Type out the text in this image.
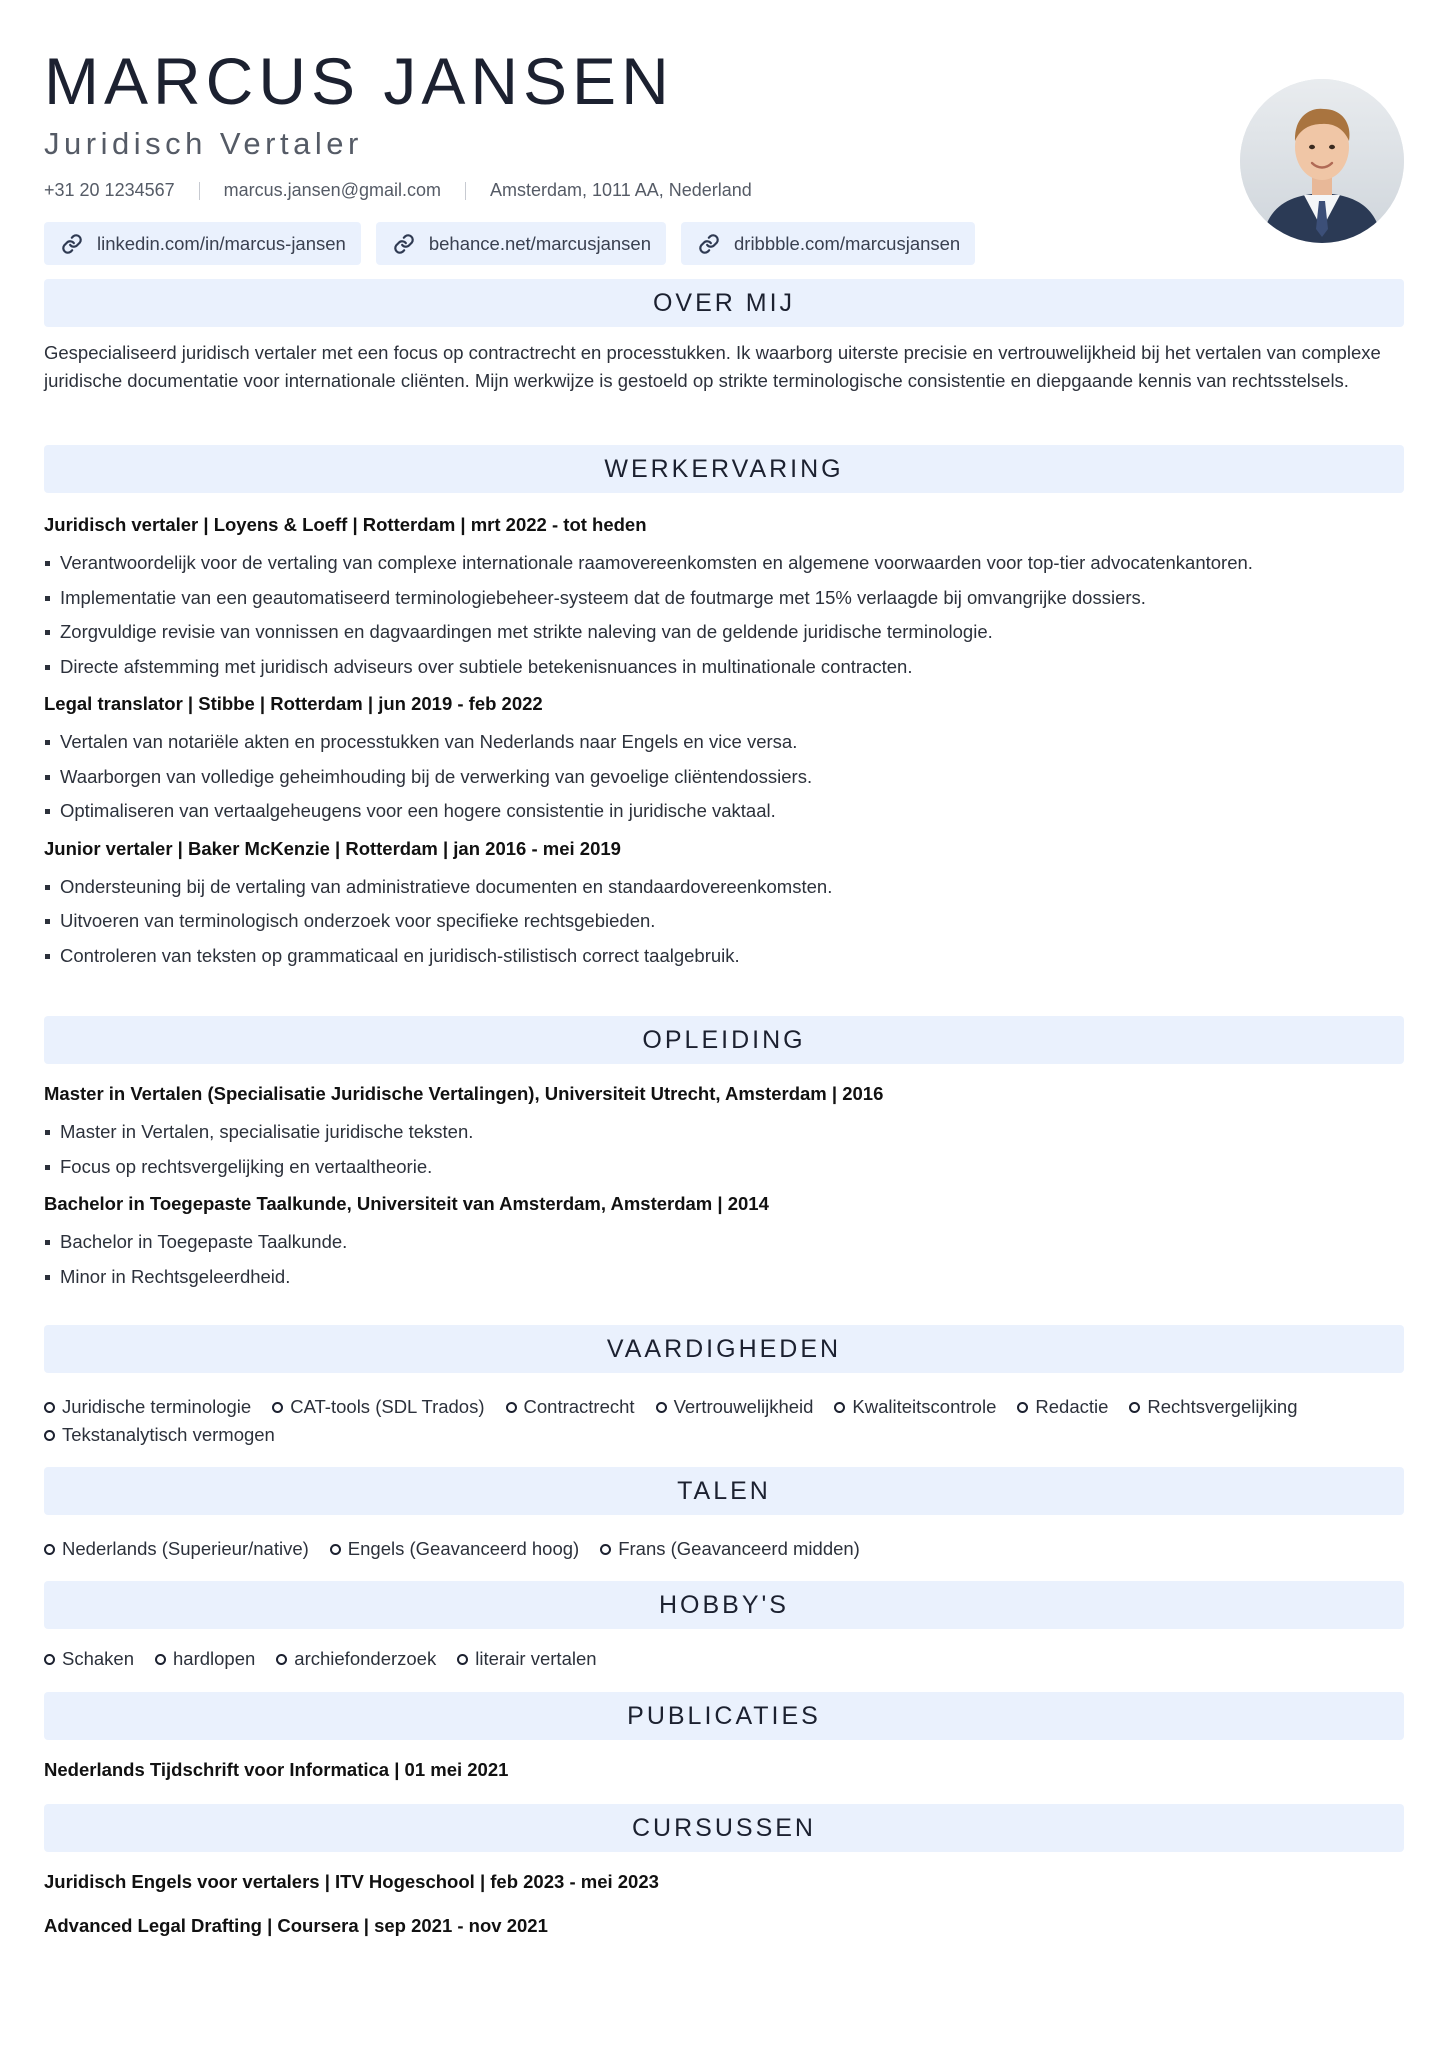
MARCUS JANSEN
Juridisch Vertaler
+31 20 1234567	marcus.jansen@gmail.com	Amsterdam, 1011 AA, Nederland
linkedin.com/in/marcus-jansen	behance.net/marcusjansen	dribbble.com/marcusjansen
OVER MIJ
Gespecialiseerd juridisch vertaler met een focus op contractrecht en processtukken. Ik waarborg uiterste precisie en vertrouwelijkheid bij het vertalen van complexe juridische documentatie voor internationale cliënten. Mijn werkwijze is gestoeld op strikte terminologische consistentie en diepgaande kennis van rechtsstelsels.
WERKERVARING
Juridisch vertaler | Loyens & Loeff | Rotterdam | mrt 2022 - tot heden
Verantwoordelijk voor de vertaling van complexe internationale raamovereenkomsten en algemene voorwaarden voor top-tier advocatenkantoren.
Implementatie van een geautomatiseerd terminologiebeheer-systeem dat de foutmarge met 15% verlaagde bij omvangrijke dossiers.
Zorgvuldige revisie van vonnissen en dagvaardingen met strikte naleving van de geldende juridische terminologie.
Directe afstemming met juridisch adviseurs over subtiele betekenisnuances in multinationale contracten.
Legal translator | Stibbe | Rotterdam | jun 2019 - feb 2022
Vertalen van notariële akten en processtukken van Nederlands naar Engels en vice versa.
Waarborgen van volledige geheimhouding bij de verwerking van gevoelige cliëntendossiers.
Optimaliseren van vertaalgeheugens voor een hogere consistentie in juridische vaktaal.
Junior vertaler | Baker McKenzie | Rotterdam | jan 2016 - mei 2019
Ondersteuning bij de vertaling van administratieve documenten en standaardovereenkomsten.
Uitvoeren van terminologisch onderzoek voor specifieke rechtsgebieden.
Controleren van teksten op grammaticaal en juridisch-stilistisch correct taalgebruik.
OPLEIDING
Master in Vertalen (Specialisatie Juridische Vertalingen), Universiteit Utrecht, Amsterdam | 2016
Master in Vertalen, specialisatie juridische teksten.
Focus op rechtsvergelijking en vertaaltheorie.
Bachelor in Toegepaste Taalkunde, Universiteit van Amsterdam, Amsterdam | 2014
Bachelor in Toegepaste Taalkunde.
Minor in Rechtsgeleerdheid.
VAARDIGHEDEN
Juridische terminologie	CAT-tools (SDL Trados)	Contractrecht	Vertrouwelijkheid	Kwaliteitscontrole	Redactie	Rechtsvergelijking
Tekstanalytisch vermogen
TALEN
Nederlands (Superieur/native)	Engels (Geavanceerd hoog)	Frans (Geavanceerd midden)
HOBBY'S
Schaken	hardlopen	archiefonderzoek	literair vertalen
PUBLICATIES
Nederlands Tijdschrift voor Informatica | 01 mei 2021
CURSUSSEN
Juridisch Engels voor vertalers | ITV Hogeschool | feb 2023 - mei 2023
Advanced Legal Drafting | Coursera | sep 2021 - nov 2021
